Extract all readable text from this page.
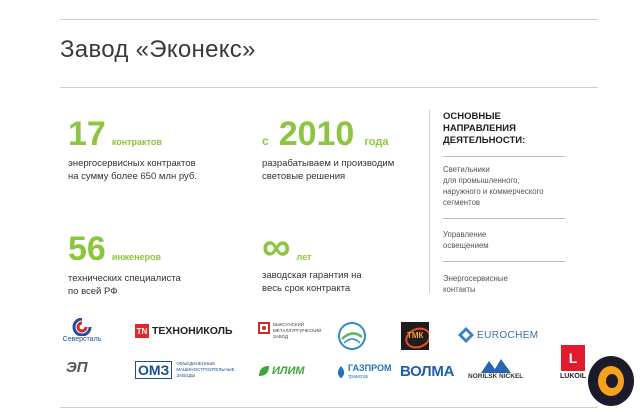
Завод «Эконекс»
17 контрактов
энергосервисных контрактов
на сумму более 650 млн руб.
с 2010 года
разрабатываем и производим
световые решения
56 инженеров
технических специалиста
по всей РФ
∞ лет
заводская гарантия на
весь срок контракта
ОСНОВНЫЕ
НАПРАВЛЕНИЯ
ДЕЯТЕЛЬНОСТИ:
Светильники
для промышленного,
наружного и коммерческого
сегментов
Управление
освещением
Энергосервисные
контакты
Северсталь
TN ТЕХНОНИКОЛЬ
ВЫКСУНСКИЙ
МЕТАЛЛУРГИЧЕСКИЙ
ЗАВОД	ТМК	EUROCHEM
ЭП	ОМЗ	ОБЪЕДИНЕННЫЕ
МАШИНОСТРОИТЕЛЬНЫЕ
ЗАВОДЫ	ИЛИМ	ГАЗПРОМ
трансгаз	ВОЛМА NORILSK NICKEL
L
LUKOIL
